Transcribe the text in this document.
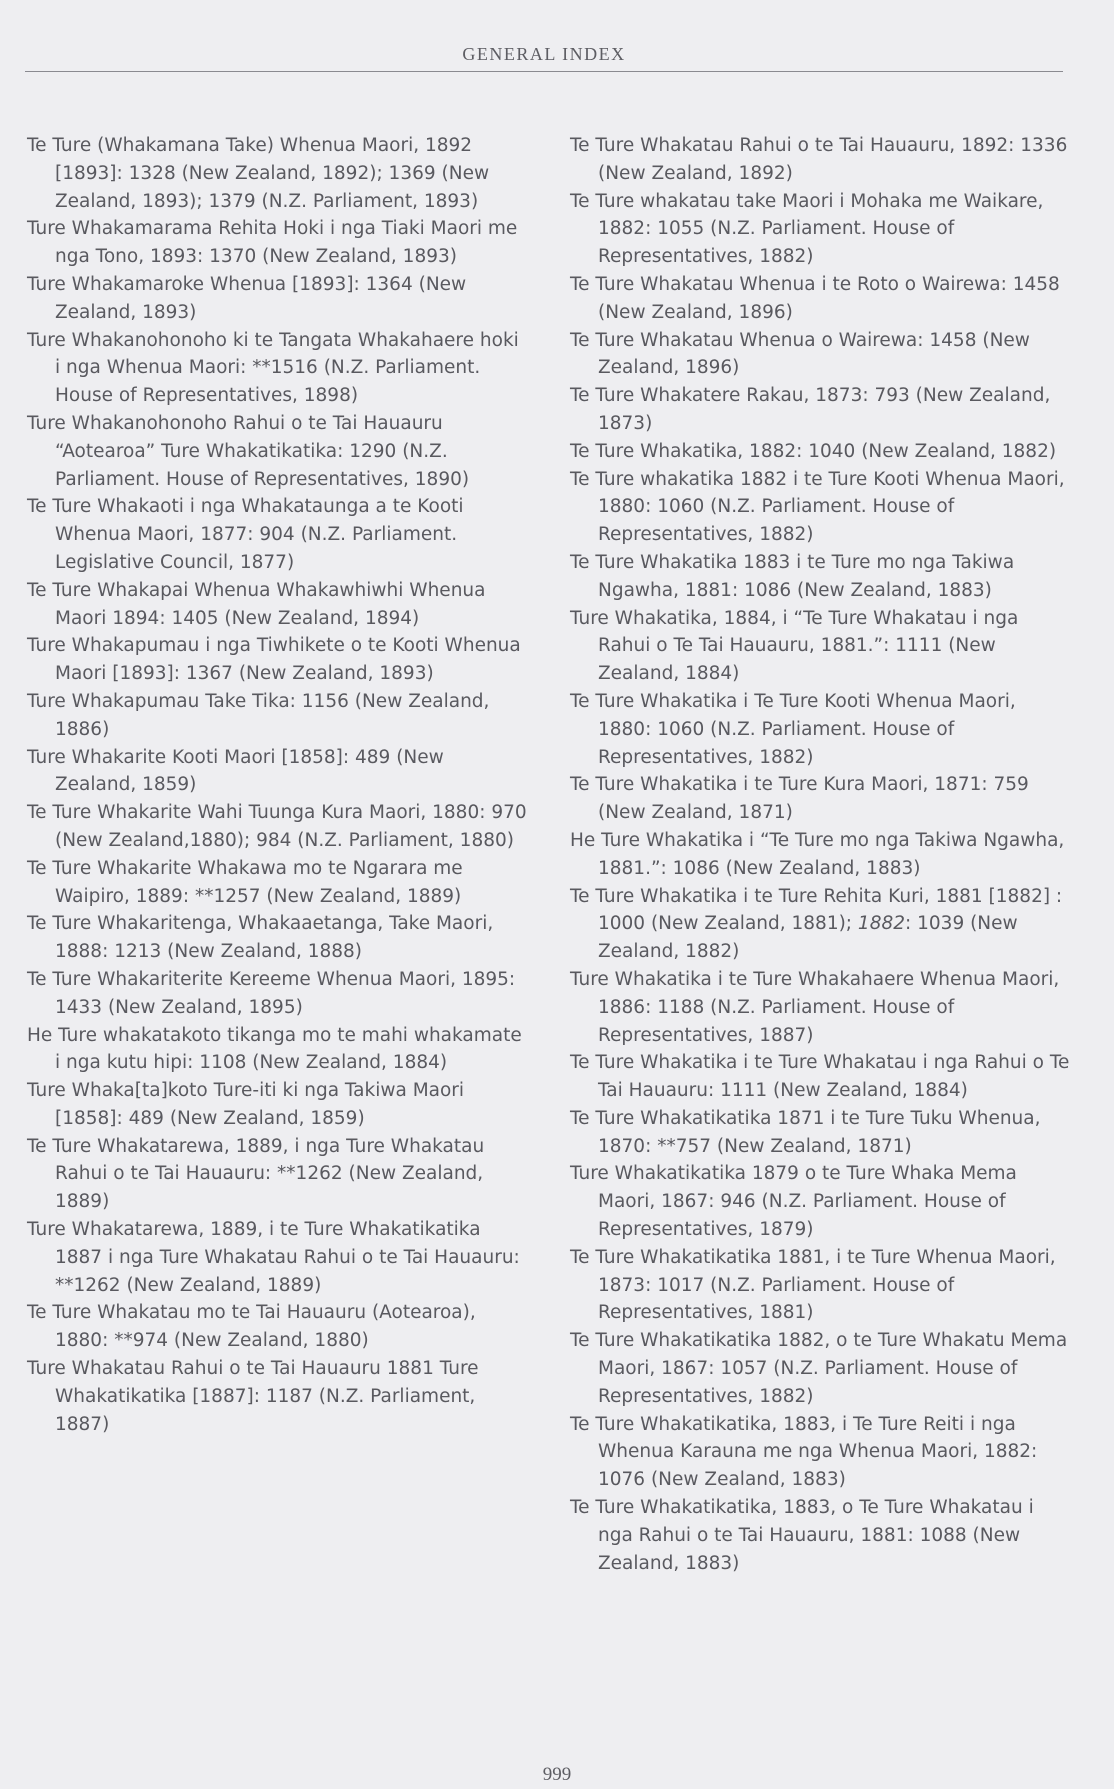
GENERAL INDEX

Te Ture (Whakamana Take) Whenua Maori, 1892 [1893]: 1328 (New Zealand, 1892); 1369 (New Zealand, 1893); 1379 (N.Z. Parliament, 1893)

Ture Whakamarama Rehita Hoki i nga Tiaki Maori me nga Tono, 1893: 1370 (New Zealand, 1893)

Ture Whakamaroke Whenua [1893]: 1364 (New Zealand, 1893)

Ture Whakanohonoho ki te Tangata Whakahaere hoki i nga Whenua Maori: **1516 (N.Z. Parliament. House of Representatives, 1898)

Ture Whakanohonoho Rahui o te Tai Hauauru “Aotearoa” Ture Whakatikatika: 1290 (N.Z. Parliament. House of Representatives, 1890)

Te Ture Whakaoti i nga Whakataunga a te Kooti Whenua Maori, 1877: 904 (N.Z. Parliament. Legislative Council, 1877)

Te Ture Whakapai Whenua Whakawhiwhi Whenua Maori 1894: 1405 (New Zealand, 1894)

Ture Whakapumau i nga Tiwhikete o te Kooti Whenua Maori [1893]: 1367 (New Zealand, 1893)

Ture Whakapumau Take Tika: 1156 (New Zealand, 1886)

Ture Whakarite Kooti Maori [1858]: 489 (New Zealand, 1859)

Te Ture Whakarite Wahi Tuunga Kura Maori, 1880: 970 (New Zealand,1880); 984 (N.Z. Parliament, 1880)

Te Ture Whakarite Whakawa mo te Ngarara me Waipiro, 1889: **1257 (New Zealand, 1889)

Te Ture Whakaritenga, Whakaaetanga, Take Maori, 1888: 1213 (New Zealand, 1888)

Te Ture Whakariterite Kereeme Whenua Maori, 1895: 1433 (New Zealand, 1895)

He Ture whakatakoto tikanga mo te mahi whakamate i nga kutu hipi: 1108 (New Zealand, 1884)

Ture Whaka[ta]koto Ture-iti ki nga Takiwa Maori [1858]: 489 (New Zealand, 1859)

Te Ture Whakatarewa, 1889, i nga Ture Whakatau Rahui o te Tai Hauauru: **1262 (New Zealand, 1889)

Ture Whakatarewa, 1889, i te Ture Whakatikatika 1887 i nga Ture Whakatau Rahui o te Tai Hauauru: **1262 (New Zealand, 1889)

Te Ture Whakatau mo te Tai Hauauru (Aotearoa), 1880: **974 (New Zealand, 1880)

Ture Whakatau Rahui o te Tai Hauauru 1881 Ture Whakatikatika [1887]: 1187 (N.Z. Parliament, 1887)

Te Ture Whakatau Rahui o te Tai Hauauru, 1892: 1336 (New Zealand, 1892)

Te Ture whakatau take Maori i Mohaka me Waikare, 1882: 1055 (N.Z. Parliament. House of Representatives, 1882)

Te Ture Whakatau Whenua i te Roto o Wairewa: 1458 (New Zealand, 1896)

Te Ture Whakatau Whenua o Wairewa: 1458 (New Zealand, 1896)

Te Ture Whakatere Rakau, 1873: 793 (New Zealand, 1873)

Te Ture Whakatika, 1882: 1040 (New Zealand, 1882)

Te Ture whakatika 1882 i te Ture Kooti Whenua Maori, 1880: 1060 (N.Z. Parliament. House of Representatives, 1882)

Te Ture Whakatika 1883 i te Ture mo nga Takiwa Ngawha, 1881: 1086 (New Zealand, 1883)

Ture Whakatika, 1884, i “Te Ture Whakatau i nga Rahui o Te Tai Hauauru, 1881.”: 1111 (New Zealand, 1884)

Te Ture Whakatika i Te Ture Kooti Whenua Maori, 1880: 1060 (N.Z. Parliament. House of Representatives, 1882)

Te Ture Whakatika i te Ture Kura Maori, 1871: 759 (New Zealand, 1871)

He Ture Whakatika i “Te Ture mo nga Takiwa Ngawha, 1881.”: 1086 (New Zealand, 1883)

Te Ture Whakatika i te Ture Rehita Kuri, 1881 [1882] : 1000 (New Zealand, 1881); 1882: 1039 (New Zealand, 1882)

Ture Whakatika i te Ture Whakahaere Whenua Maori, 1886: 1188 (N.Z. Parliament. House of Representatives, 1887)

Te Ture Whakatika i te Ture Whakatau i nga Rahui o Te Tai Hauauru: 1111 (New Zealand, 1884)

Te Ture Whakatikatika 1871 i te Ture Tuku Whenua, 1870: **757 (New Zealand, 1871)

Ture Whakatikatika 1879 o te Ture Whaka Mema Maori, 1867: 946 (N.Z. Parliament. House of Representatives, 1879)

Te Ture Whakatikatika 1881, i te Ture Whenua Maori, 1873: 1017 (N.Z. Parliament. House of Representatives, 1881)

Te Ture Whakatikatika 1882, o te Ture Whakatu Mema Maori, 1867: 1057 (N.Z. Parliament. House of Representatives, 1882)

Te Ture Whakatikatika, 1883, i Te Ture Reiti i nga Whenua Karauna me nga Whenua Maori, 1882: 1076 (New Zealand, 1883)

Te Ture Whakatikatika, 1883, o Te Ture Whakatau i nga Rahui o te Tai Hauauru, 1881: 1088 (New Zealand, 1883)

999
